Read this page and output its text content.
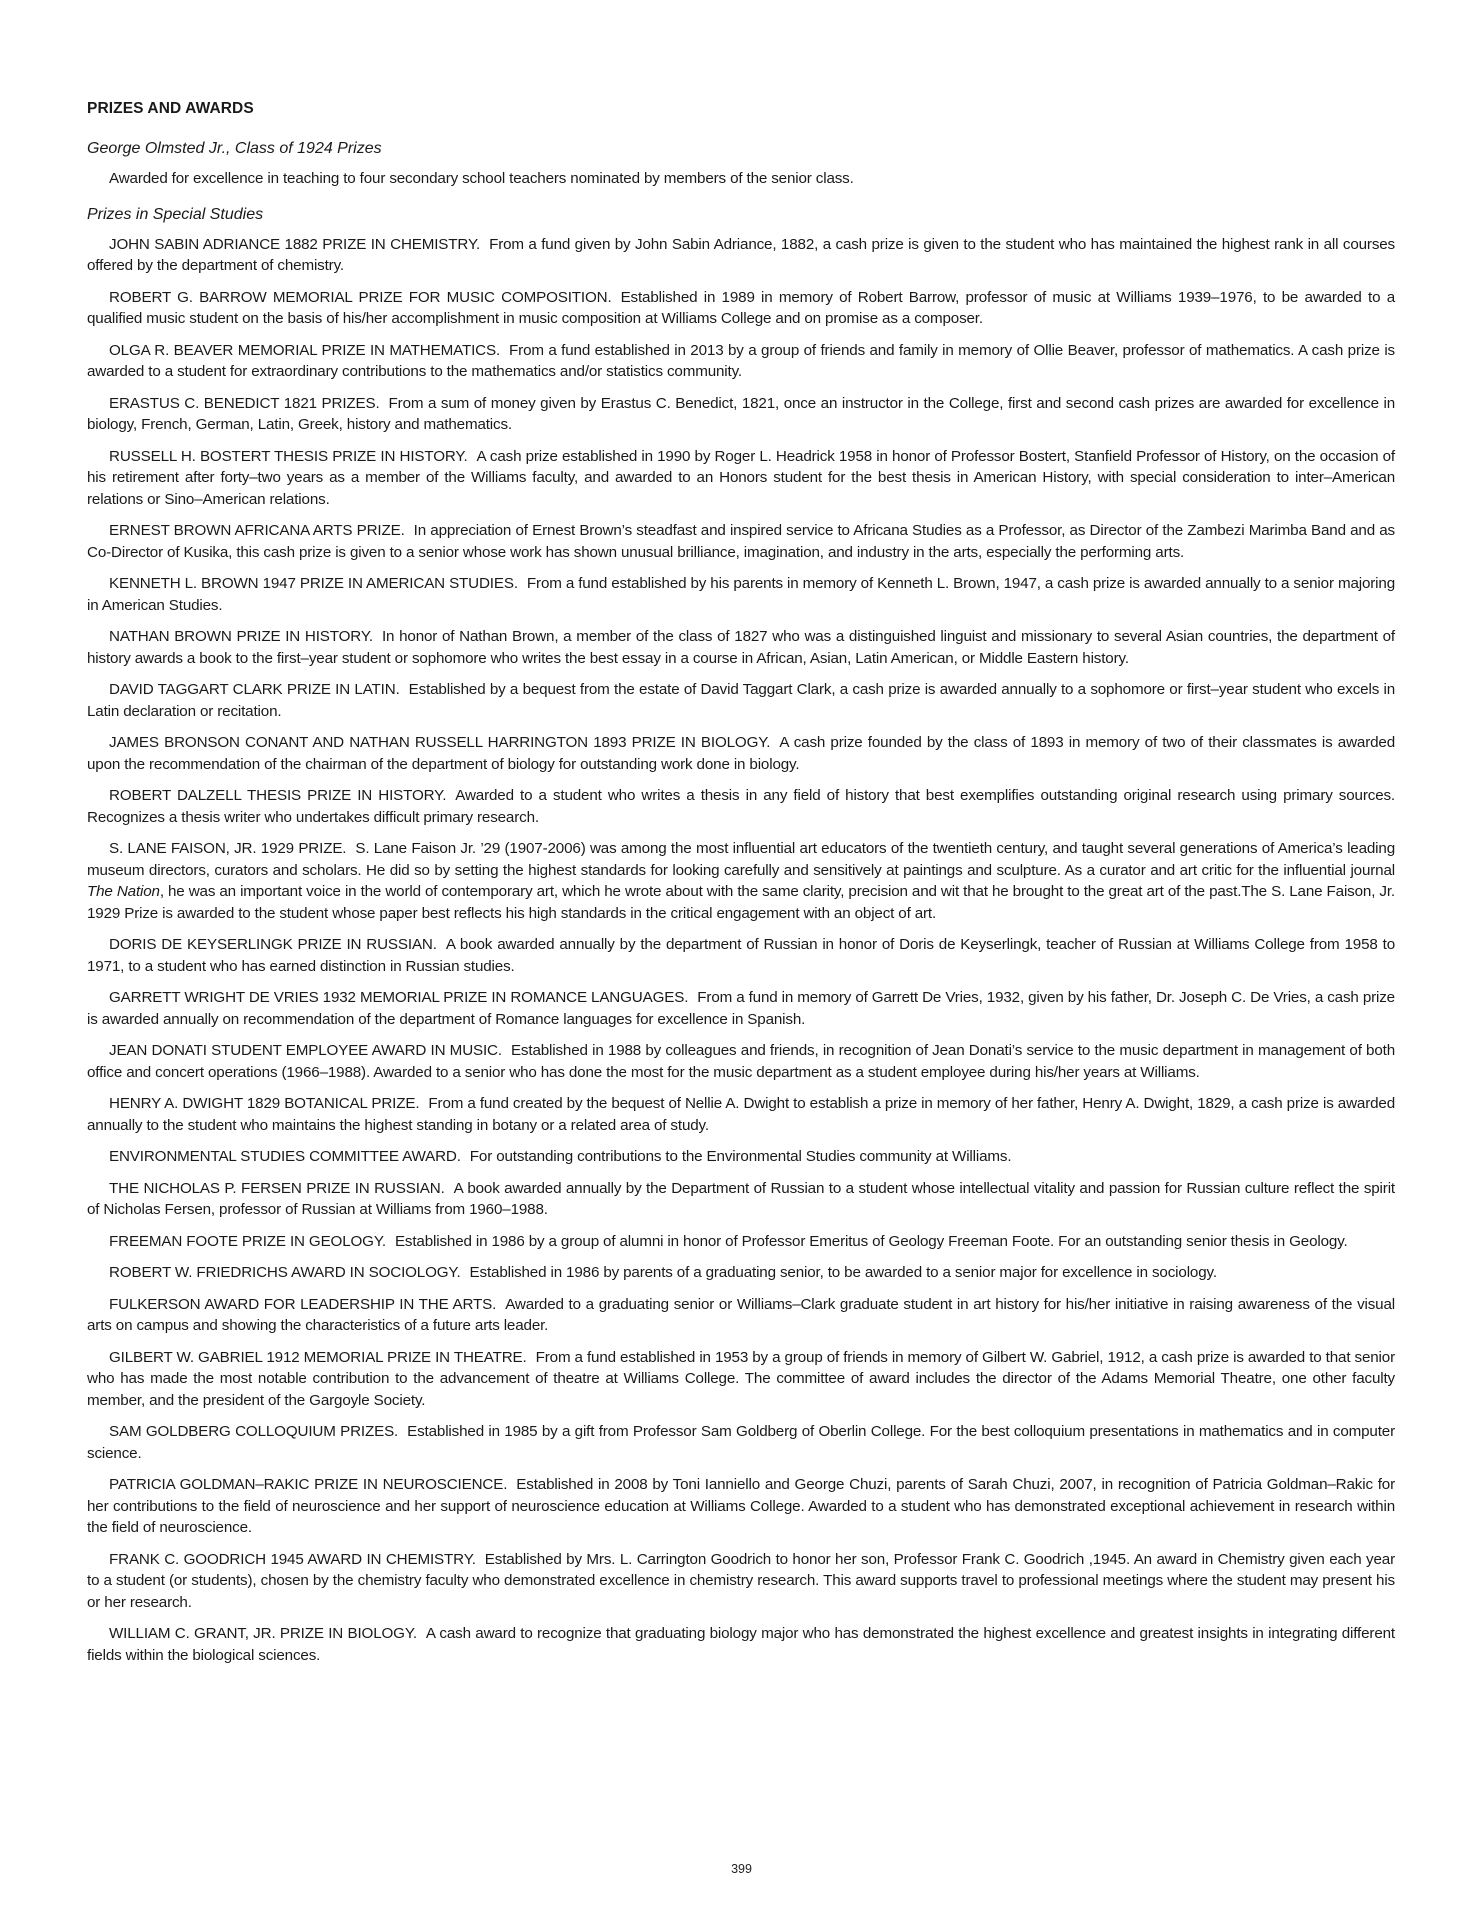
PRIZES AND AWARDS
George Olmsted Jr., Class of 1924 Prizes

Awarded for excellence in teaching to four secondary school teachers nominated by members of the senior class.

Prizes in Special Studies

JOHN SABIN ADRIANCE 1882 PRIZE IN CHEMISTRY. From a fund given by John Sabin Adriance, 1882, a cash prize is given to the student who has maintained the highest rank in all courses offered by the department of chemistry.

ROBERT G. BARROW MEMORIAL PRIZE FOR MUSIC COMPOSITION. Established in 1989 in memory of Robert Barrow, professor of music at Williams 1939–1976, to be awarded to a qualified music student on the basis of his/her accomplishment in music composition at Williams College and on promise as a composer.

OLGA R. BEAVER MEMORIAL PRIZE IN MATHEMATICS. From a fund established in 2013 by a group of friends and family in memory of Ollie Beaver, professor of mathematics. A cash prize is awarded to a student for extraordinary contributions to the mathematics and/or statistics community.

ERASTUS C. BENEDICT 1821 PRIZES. From a sum of money given by Erastus C. Benedict, 1821, once an instructor in the College, first and second cash prizes are awarded for excellence in biology, French, German, Latin, Greek, history and mathematics.

RUSSELL H. BOSTERT THESIS PRIZE IN HISTORY. A cash prize established in 1990 by Roger L. Headrick 1958 in honor of Professor Bostert, Stanfield Professor of History, on the occasion of his retirement after forty–two years as a member of the Williams faculty, and awarded to an Honors student for the best thesis in American History, with special consideration to inter–American relations or Sino–American relations.

ERNEST BROWN AFRICANA ARTS PRIZE. In appreciation of Ernest Brown’s steadfast and inspired service to Africana Studies as a Professor, as Director of the Zambezi Marimba Band and as Co-Director of Kusika, this cash prize is given to a senior whose work has shown unusual brilliance, imagination, and industry in the arts, especially the performing arts.

KENNETH L. BROWN 1947 PRIZE IN AMERICAN STUDIES. From a fund established by his parents in memory of Kenneth L. Brown, 1947, a cash prize is awarded annually to a senior majoring in American Studies.

NATHAN BROWN PRIZE IN HISTORY. In honor of Nathan Brown, a member of the class of 1827 who was a distinguished linguist and missionary to several Asian countries, the department of history awards a book to the first–year student or sophomore who writes the best essay in a course in African, Asian, Latin American, or Middle Eastern history.

DAVID TAGGART CLARK PRIZE IN LATIN. Established by a bequest from the estate of David Taggart Clark, a cash prize is awarded annually to a sophomore or first–year student who excels in Latin declaration or recitation.

JAMES BRONSON CONANT AND NATHAN RUSSELL HARRINGTON 1893 PRIZE IN BIOLOGY. A cash prize founded by the class of 1893 in memory of two of their classmates is awarded upon the recommendation of the chairman of the department of biology for outstanding work done in biology.

ROBERT DALZELL THESIS PRIZE IN HISTORY. Awarded to a student who writes a thesis in any field of history that best exemplifies outstanding original research using primary sources. Recognizes a thesis writer who undertakes difficult primary research.

S. LANE FAISON, JR. 1929 PRIZE. S. Lane Faison Jr. ’29 (1907-2006) was among the most influential art educators of the twentieth century, and taught several generations of America’s leading museum directors, curators and scholars. He did so by setting the highest standards for looking carefully and sensitively at paintings and sculpture. As a curator and art critic for the influential journal The Nation, he was an important voice in the world of contemporary art, which he wrote about with the same clarity, precision and wit that he brought to the great art of the past.The S. Lane Faison, Jr. 1929 Prize is awarded to the student whose paper best reflects his high standards in the critical engagement with an object of art.

DORIS DE KEYSERLINGK PRIZE IN RUSSIAN. A book awarded annually by the department of Russian in honor of Doris de Keyserlingk, teacher of Russian at Williams College from 1958 to 1971, to a student who has earned distinction in Russian studies.

GARRETT WRIGHT DE VRIES 1932 MEMORIAL PRIZE IN ROMANCE LANGUAGES. From a fund in memory of Garrett De Vries, 1932, given by his father, Dr. Joseph C. De Vries, a cash prize is awarded annually on recommendation of the department of Romance languages for excellence in Spanish.

JEAN DONATI STUDENT EMPLOYEE AWARD IN MUSIC. Established in 1988 by colleagues and friends, in recognition of Jean Donati’s service to the music department in management of both office and concert operations (1966–1988). Awarded to a senior who has done the most for the music department as a student employee during his/her years at Williams.

HENRY A. DWIGHT 1829 BOTANICAL PRIZE. From a fund created by the bequest of Nellie A. Dwight to establish a prize in memory of her father, Henry A. Dwight, 1829, a cash prize is awarded annually to the student who maintains the highest standing in botany or a related area of study.

ENVIRONMENTAL STUDIES COMMITTEE AWARD. For outstanding contributions to the Environmental Studies community at Williams.

THE NICHOLAS P. FERSEN PRIZE IN RUSSIAN. A book awarded annually by the Department of Russian to a student whose intellectual vitality and passion for Russian culture reflect the spirit of Nicholas Fersen, professor of Russian at Williams from 1960–1988.

FREEMAN FOOTE PRIZE IN GEOLOGY. Established in 1986 by a group of alumni in honor of Professor Emeritus of Geology Freeman Foote. For an outstanding senior thesis in Geology.

ROBERT W. FRIEDRICHS AWARD IN SOCIOLOGY. Established in 1986 by parents of a graduating senior, to be awarded to a senior major for excellence in sociology.

FULKERSON AWARD FOR LEADERSHIP IN THE ARTS. Awarded to a graduating senior or Williams–Clark graduate student in art history for his/her initiative in raising awareness of the visual arts on campus and showing the characteristics of a future arts leader.

GILBERT W. GABRIEL 1912 MEMORIAL PRIZE IN THEATRE. From a fund established in 1953 by a group of friends in memory of Gilbert W. Gabriel, 1912, a cash prize is awarded to that senior who has made the most notable contribution to the advancement of theatre at Williams College. The committee of award includes the director of the Adams Memorial Theatre, one other faculty member, and the president of the Gargoyle Society.

SAM GOLDBERG COLLOQUIUM PRIZES. Established in 1985 by a gift from Professor Sam Goldberg of Oberlin College. For the best colloquium presentations in mathematics and in computer science.

PATRICIA GOLDMAN–RAKIC PRIZE IN NEUROSCIENCE. Established in 2008 by Toni Ianniello and George Chuzi, parents of Sarah Chuzi, 2007, in recognition of Patricia Goldman–Rakic for her contributions to the field of neuroscience and her support of neuroscience education at Williams College. Awarded to a student who has demonstrated exceptional achievement in research within the field of neuroscience.

FRANK C. GOODRICH 1945 AWARD IN CHEMISTRY. Established by Mrs. L. Carrington Goodrich to honor her son, Professor Frank C. Goodrich ,1945. An award in Chemistry given each year to a student (or students), chosen by the chemistry faculty who demonstrated excellence in chemistry research. This award supports travel to professional meetings where the student may present his or her research.

WILLIAM C. GRANT, JR. PRIZE IN BIOLOGY. A cash award to recognize that graduating biology major who has demonstrated the highest excellence and greatest insights in integrating different fields within the biological sciences.

399
